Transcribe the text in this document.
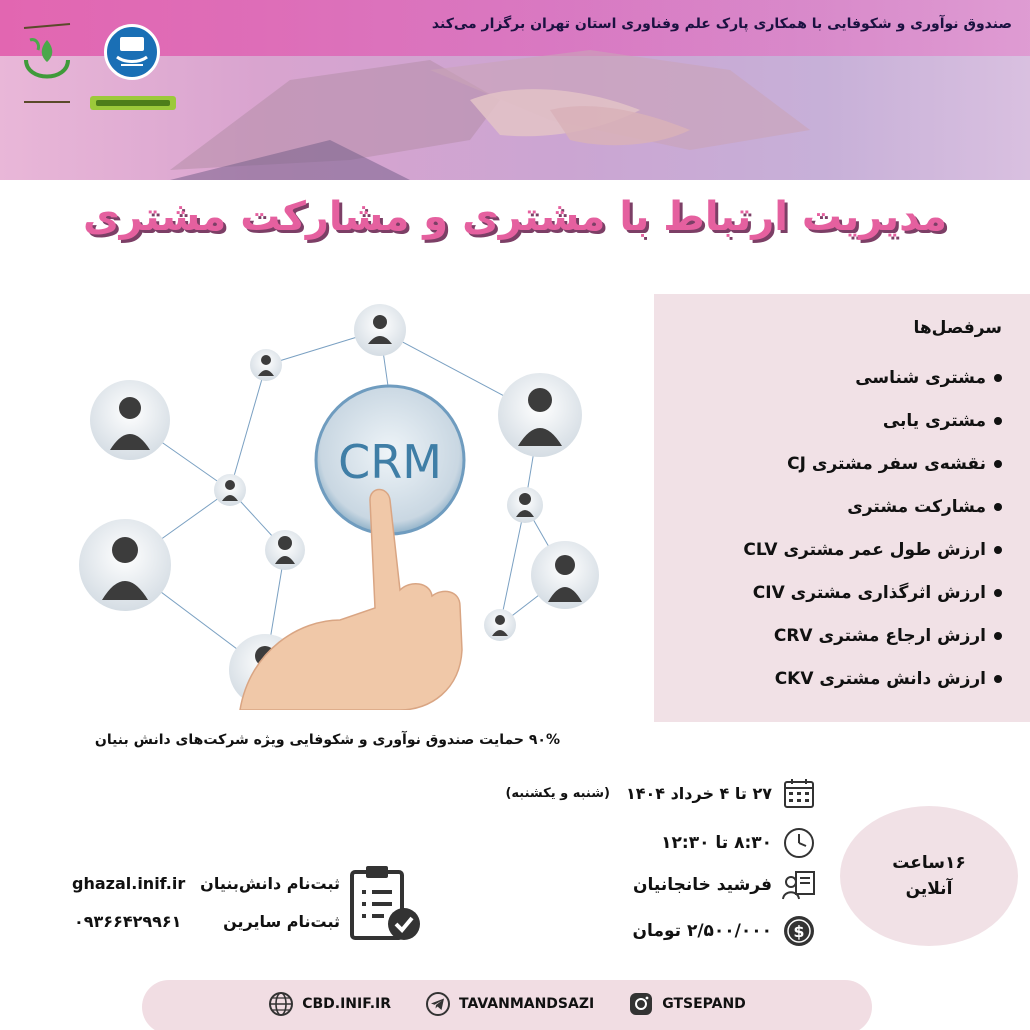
صندوق نوآوری و شکوفایی با همکاری پارک علم وفناوری استان تهران برگزار می‌کند
مدیریت ارتباط با مشتری و مشارکت مشتری
CRM
سرفصل‌ها
مشتری شناسی
مشتری یابی
نقشه‌ی سفر مشتری CJ
مشارکت مشتری
ارزش طول عمر مشتری CLV
ارزش اثرگذاری مشتری CIV
ارزش ارجاع مشتری CRV
ارزش دانش مشتری CKV
۹۰% حمایت صندوق نوآوری و شکوفایی ویژه شرکت‌های دانش بنیان
۲۷ تا ۴ خرداد ۱۴۰۴
(شنبه و یکشنبه)
۸:۳۰ تا ۱۲:۳۰
فرشید خانجانیان
$
۲/۵۰۰/۰۰۰ تومان
۱۶ساعت
آنلاین
ثبت‌نام دانش‌بنیان
ghazal.inif.ir
ثبت‌نام سایرین
۰۹۳۶۶۴۲۹۹۶۱
CBD.INIF.IR	TAVANMANDSAZI	GTSEPAND
